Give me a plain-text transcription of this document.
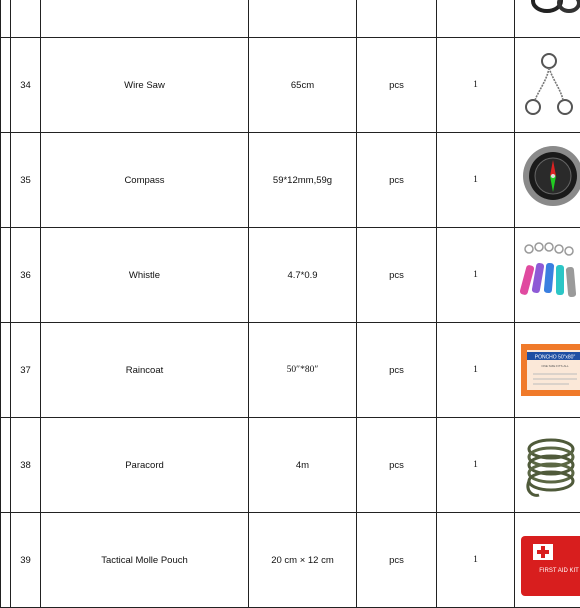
	34	Wire Saw	65cm	pcs	1	

	35	Compass	59*12mm,59g	pcs	1	

	36	Whistle	4.7*0.9	pcs	1	

	37	Raincoat	50″*80″	pcs	1	PONCHO 50"x80"
ONE SIZE FITS ALL

	38	Paracord	4m	pcs	1	

	39	Tactical Molle Pouch	20 cm × 12 cm	pcs	1	FIRST AID KIT
